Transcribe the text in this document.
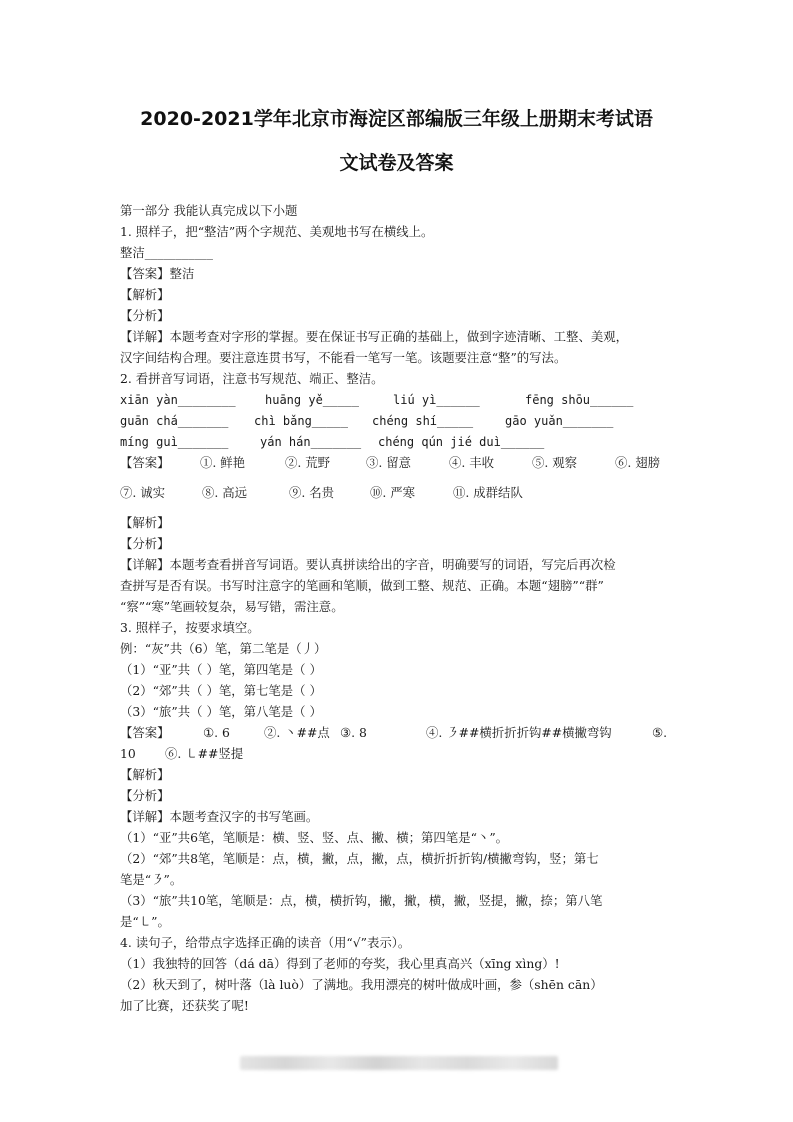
2020-2021学年北京市海淀区部编版三年级上册期末考试语
文试卷及答案
第一部分 我能认真完成以下小题
1. 照样子，把“整洁”两个字规范、美观地书写在横线上。
整洁___________
【答案】整洁
【解析】
【分析】
【详解】本题考查对字形的掌握。要在保证书写正确的基础上，做到字迹清晰、工整、美观，
汉字间结构合理。要注意连贯书写，不能看一笔写一笔。该题要注意“整”的写法。
2. 看拼音写词语，注意书写规范、端正、整洁。
xiān yàn________ huāng yě_____	liú yì______	fēng shōu______
guān chá_______ chì bǎng_____ chéng shí_____	gāo yuǎn_______
míng guì_______	yán hán_______ chéng qún jié duì______
【答案】 ①. 鲜艳	②. 荒野	③. 留意	④. 丰收	⑤. 观察	⑥. 翅膀
⑦. 诚实	⑧. 高远	⑨. 名贵	⑩. 严寒	⑪. 成群结队
【解析】
【分析】
【详解】本题考查看拼音写词语。要认真拼读给出的字音，明确要写的词语，写完后再次检
查拼写是否有误。书写时注意字的笔画和笔顺，做到工整、规范、正确。本题“翅膀”“群”
“察”“寒”笔画较复杂，易写错，需注意。
3. 照样子，按要求填空。
例：“灰”共（6）笔，第二笔是（丿）
（1）“亚”共（ ）笔，第四笔是（ ）
（2）“郊”共（ ）笔，第七笔是（ ）
（3）“旅”共（ ）笔，第八笔是（ ）
【答案】	①. 6	②. 丶##点 ③. 8	④. ㇋##横折折折钩##横撇弯钩	⑤.
10 ⑥. ㇄##竖提
【解析】
【分析】
【详解】本题考查汉字的书写笔画。
（1）“亚”共6笔，笔顺是：横、竖、竖、点、撇、横；第四笔是“丶”。
（2）“郊”共8笔，笔顺是：点，横，撇，点，撇，点，横折折折钩/横撇弯钩，竖；第七
笔是“㇋”。
（3）“旅”共10笔，笔顺是：点，横，横折钩，撇，撇，横，撇，竖提，撇，捺；第八笔
是“㇄”。
4. 读句子，给带点字选择正确的读音（用“√”表示）。
（1）我独特的回答（dá dā）得到了老师的夸奖，我心里真高兴（xīng xìng）!
（2）秋天到了，树叶落（là luò）了满地。我用漂亮的树叶做成叶画，参（shēn cān）
加了比赛，还获奖了呢!
